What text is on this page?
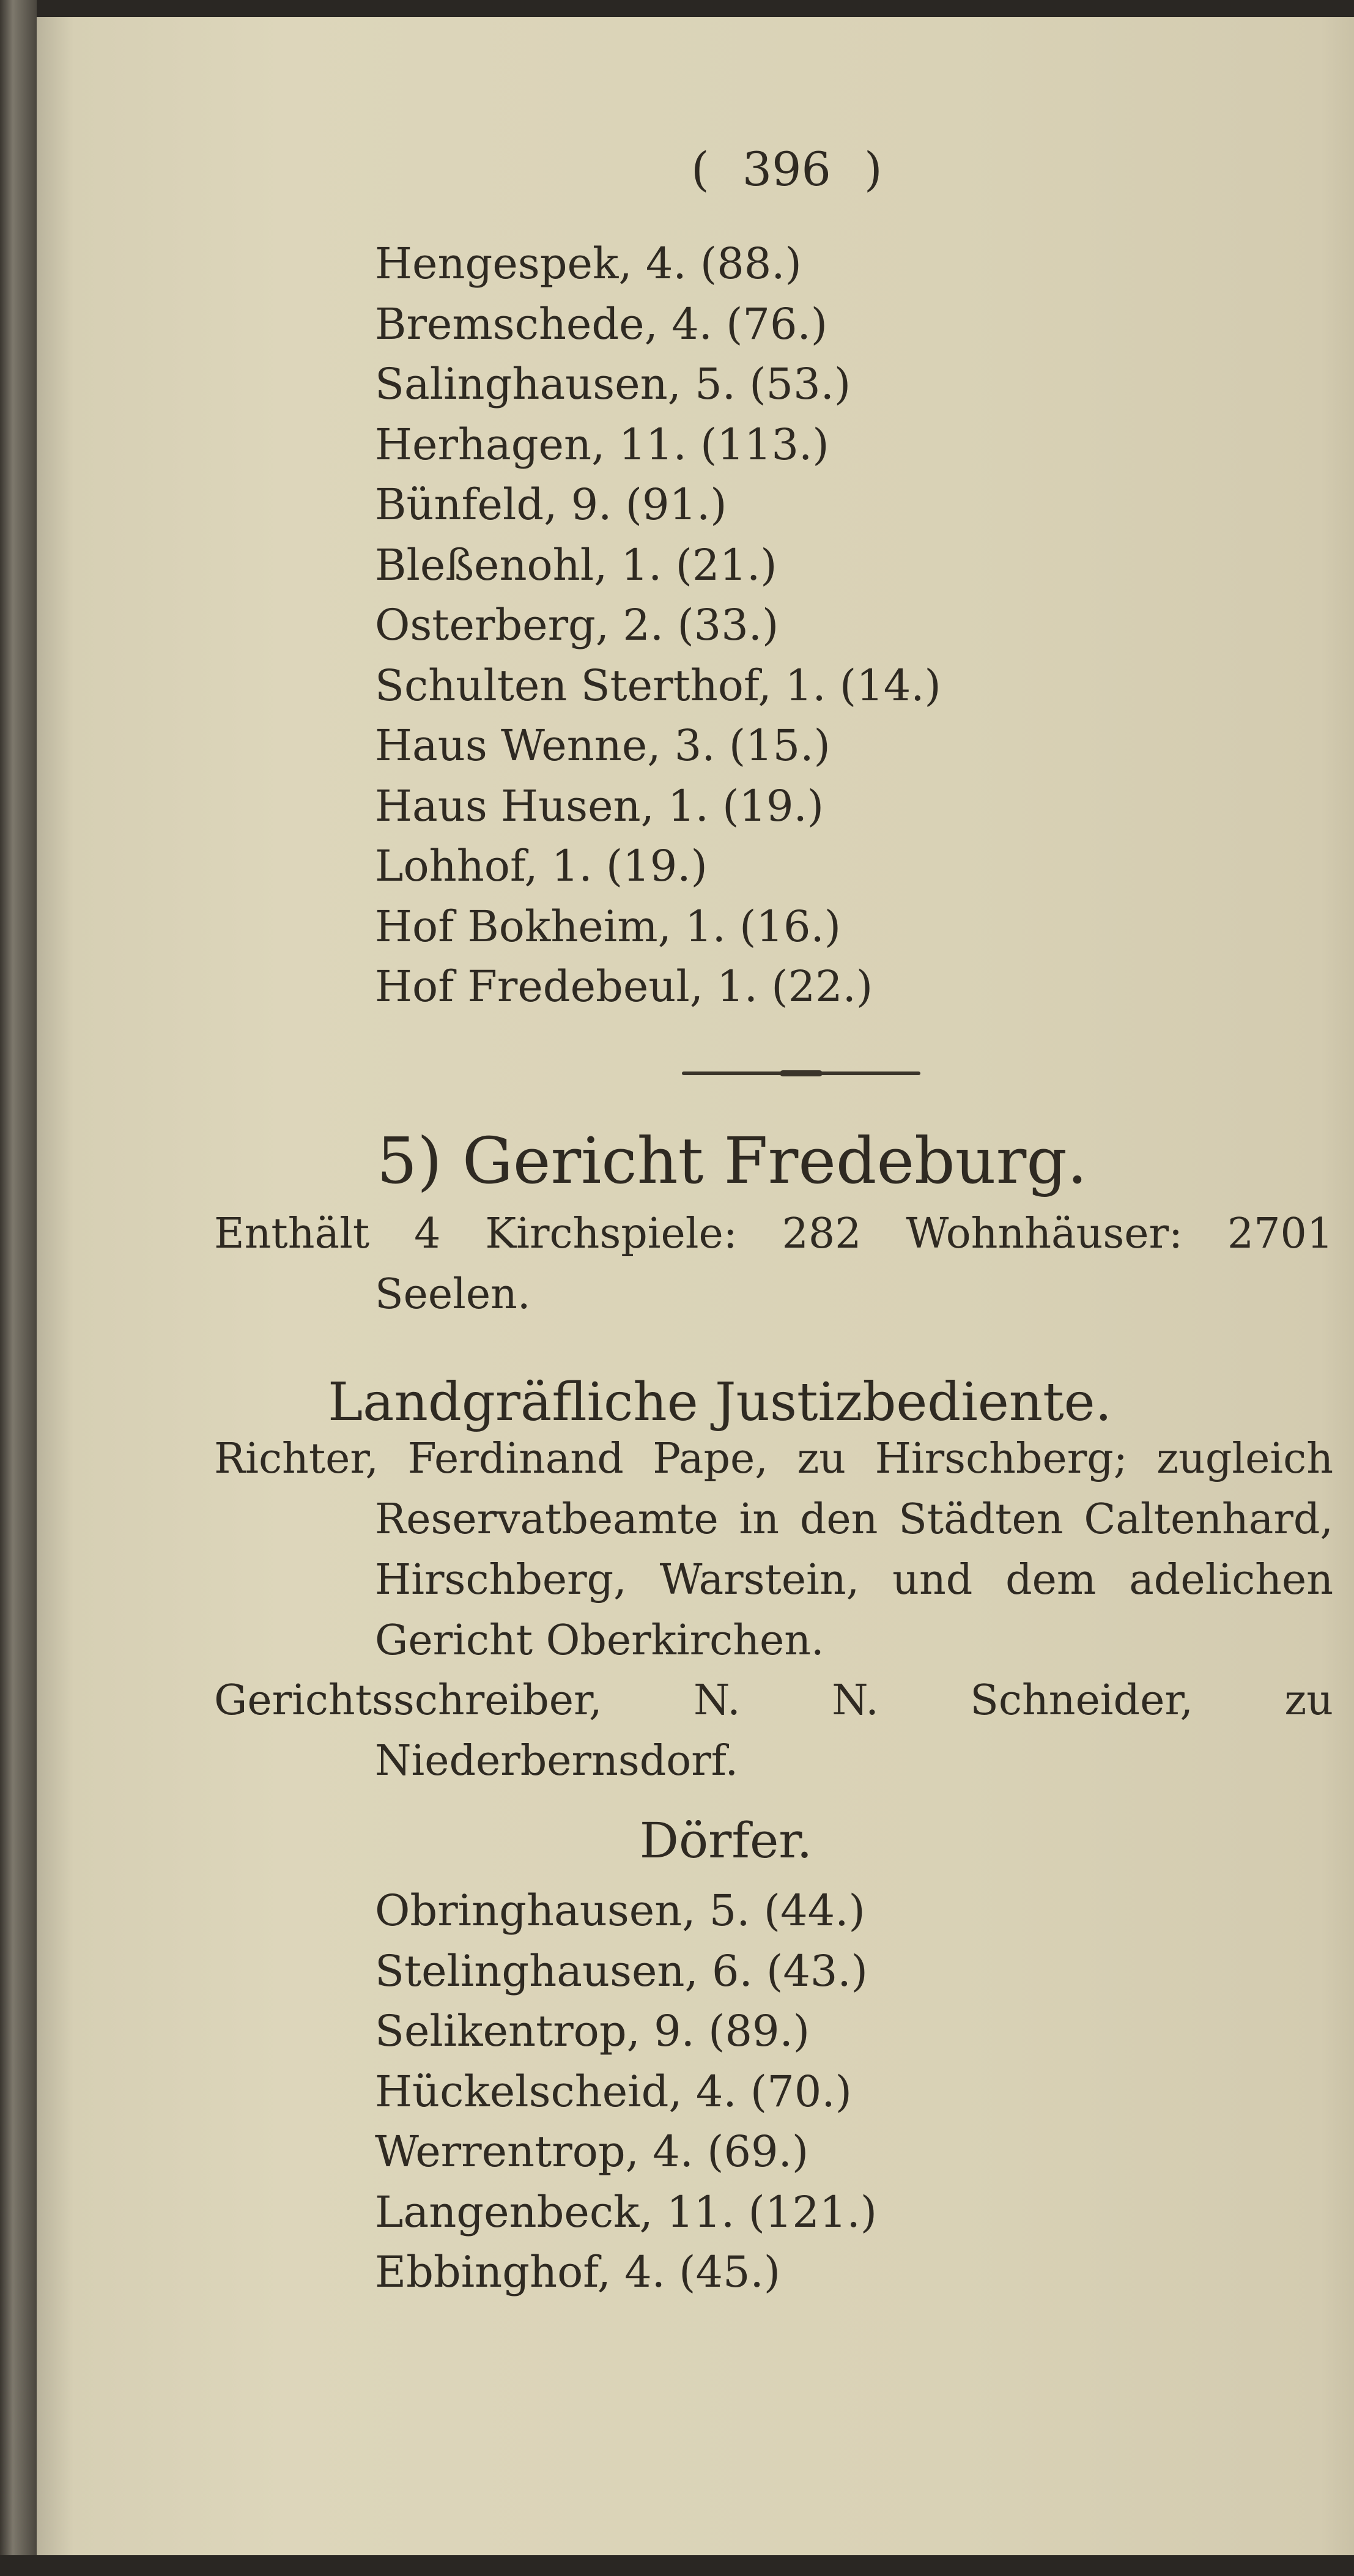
( 396 )
Hengespek, 4. (88.)
Bremschede, 4. (76.)
Salinghausen, 5. (53.)
Herhagen, 11. (113.)
Bünfeld, 9. (91.)
Bleßenohl, 1. (21.)
Osterberg, 2. (33.)
Schulten Sterthof, 1. (14.)
Haus Wenne, 3. (15.)
Haus Husen, 1. (19.)
Lohhof, 1. (19.)
Hof Bokheim, 1. (16.)
Hof Fredebeul, 1. (22.)
5) Gericht Fredeburg.
Enthält 4 Kirchspiele: 282 Wohnhäuser: 2701 Seelen.
Landgräfliche Justizbediente.
Richter, Ferdinand Pape, zu Hirschberg; zugleich Reservatbeamte in den Städten Caltenhard, Hirschberg, Warstein, und dem adelichen Gericht Oberkirchen.
Gerichtsschreiber, N. N. Schneider, zu Niederbernsdorf.
Dörfer.
Obringhausen, 5. (44.)
Stelinghausen, 6. (43.)
Selikentrop, 9. (89.)
Hückelscheid, 4. (70.)
Werrentrop, 4. (69.)
Langenbeck, 11. (121.)
Ebbinghof, 4. (45.)
